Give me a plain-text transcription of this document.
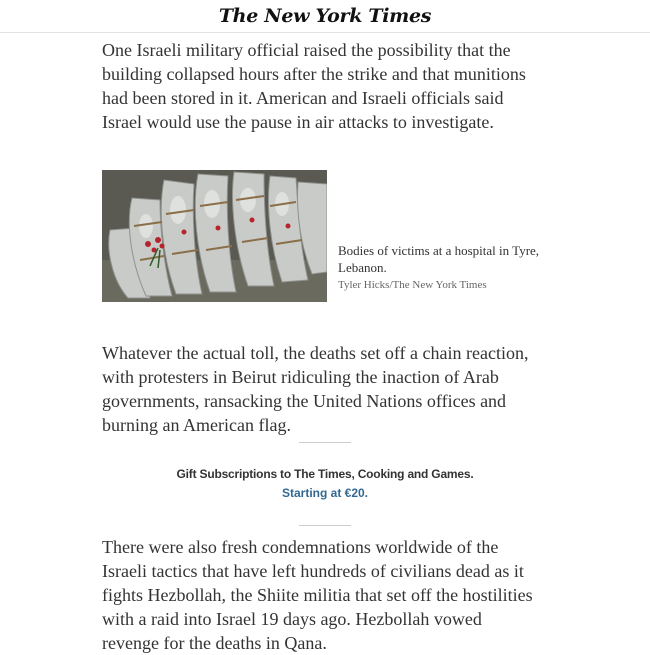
The New York Times

One Israeli military official raised the possibility that the building collapsed hours after the strike and that munitions had been stored in it. American and Israeli officials said Israel would use the pause in air attacks to investigate.

Bodies of victims at a hospital in Tyre, Lebanon.

Tyler Hicks/The New York Times

Whatever the actual toll, the deaths set off a chain reaction, with protesters in Beirut ridiculing the inaction of Arab governments, ransacking the United Nations offices and burning an American flag.

Gift Subscriptions to The Times, Cooking and Games.

Starting at €20.

There were also fresh condemnations worldwide of the Israeli tactics that have left hundreds of civilians dead as it fights Hezbollah, the Shiite militia that set off the hostilities with a raid into Israel 19 days ago. Hezbollah vowed revenge for the deaths in Qana.
